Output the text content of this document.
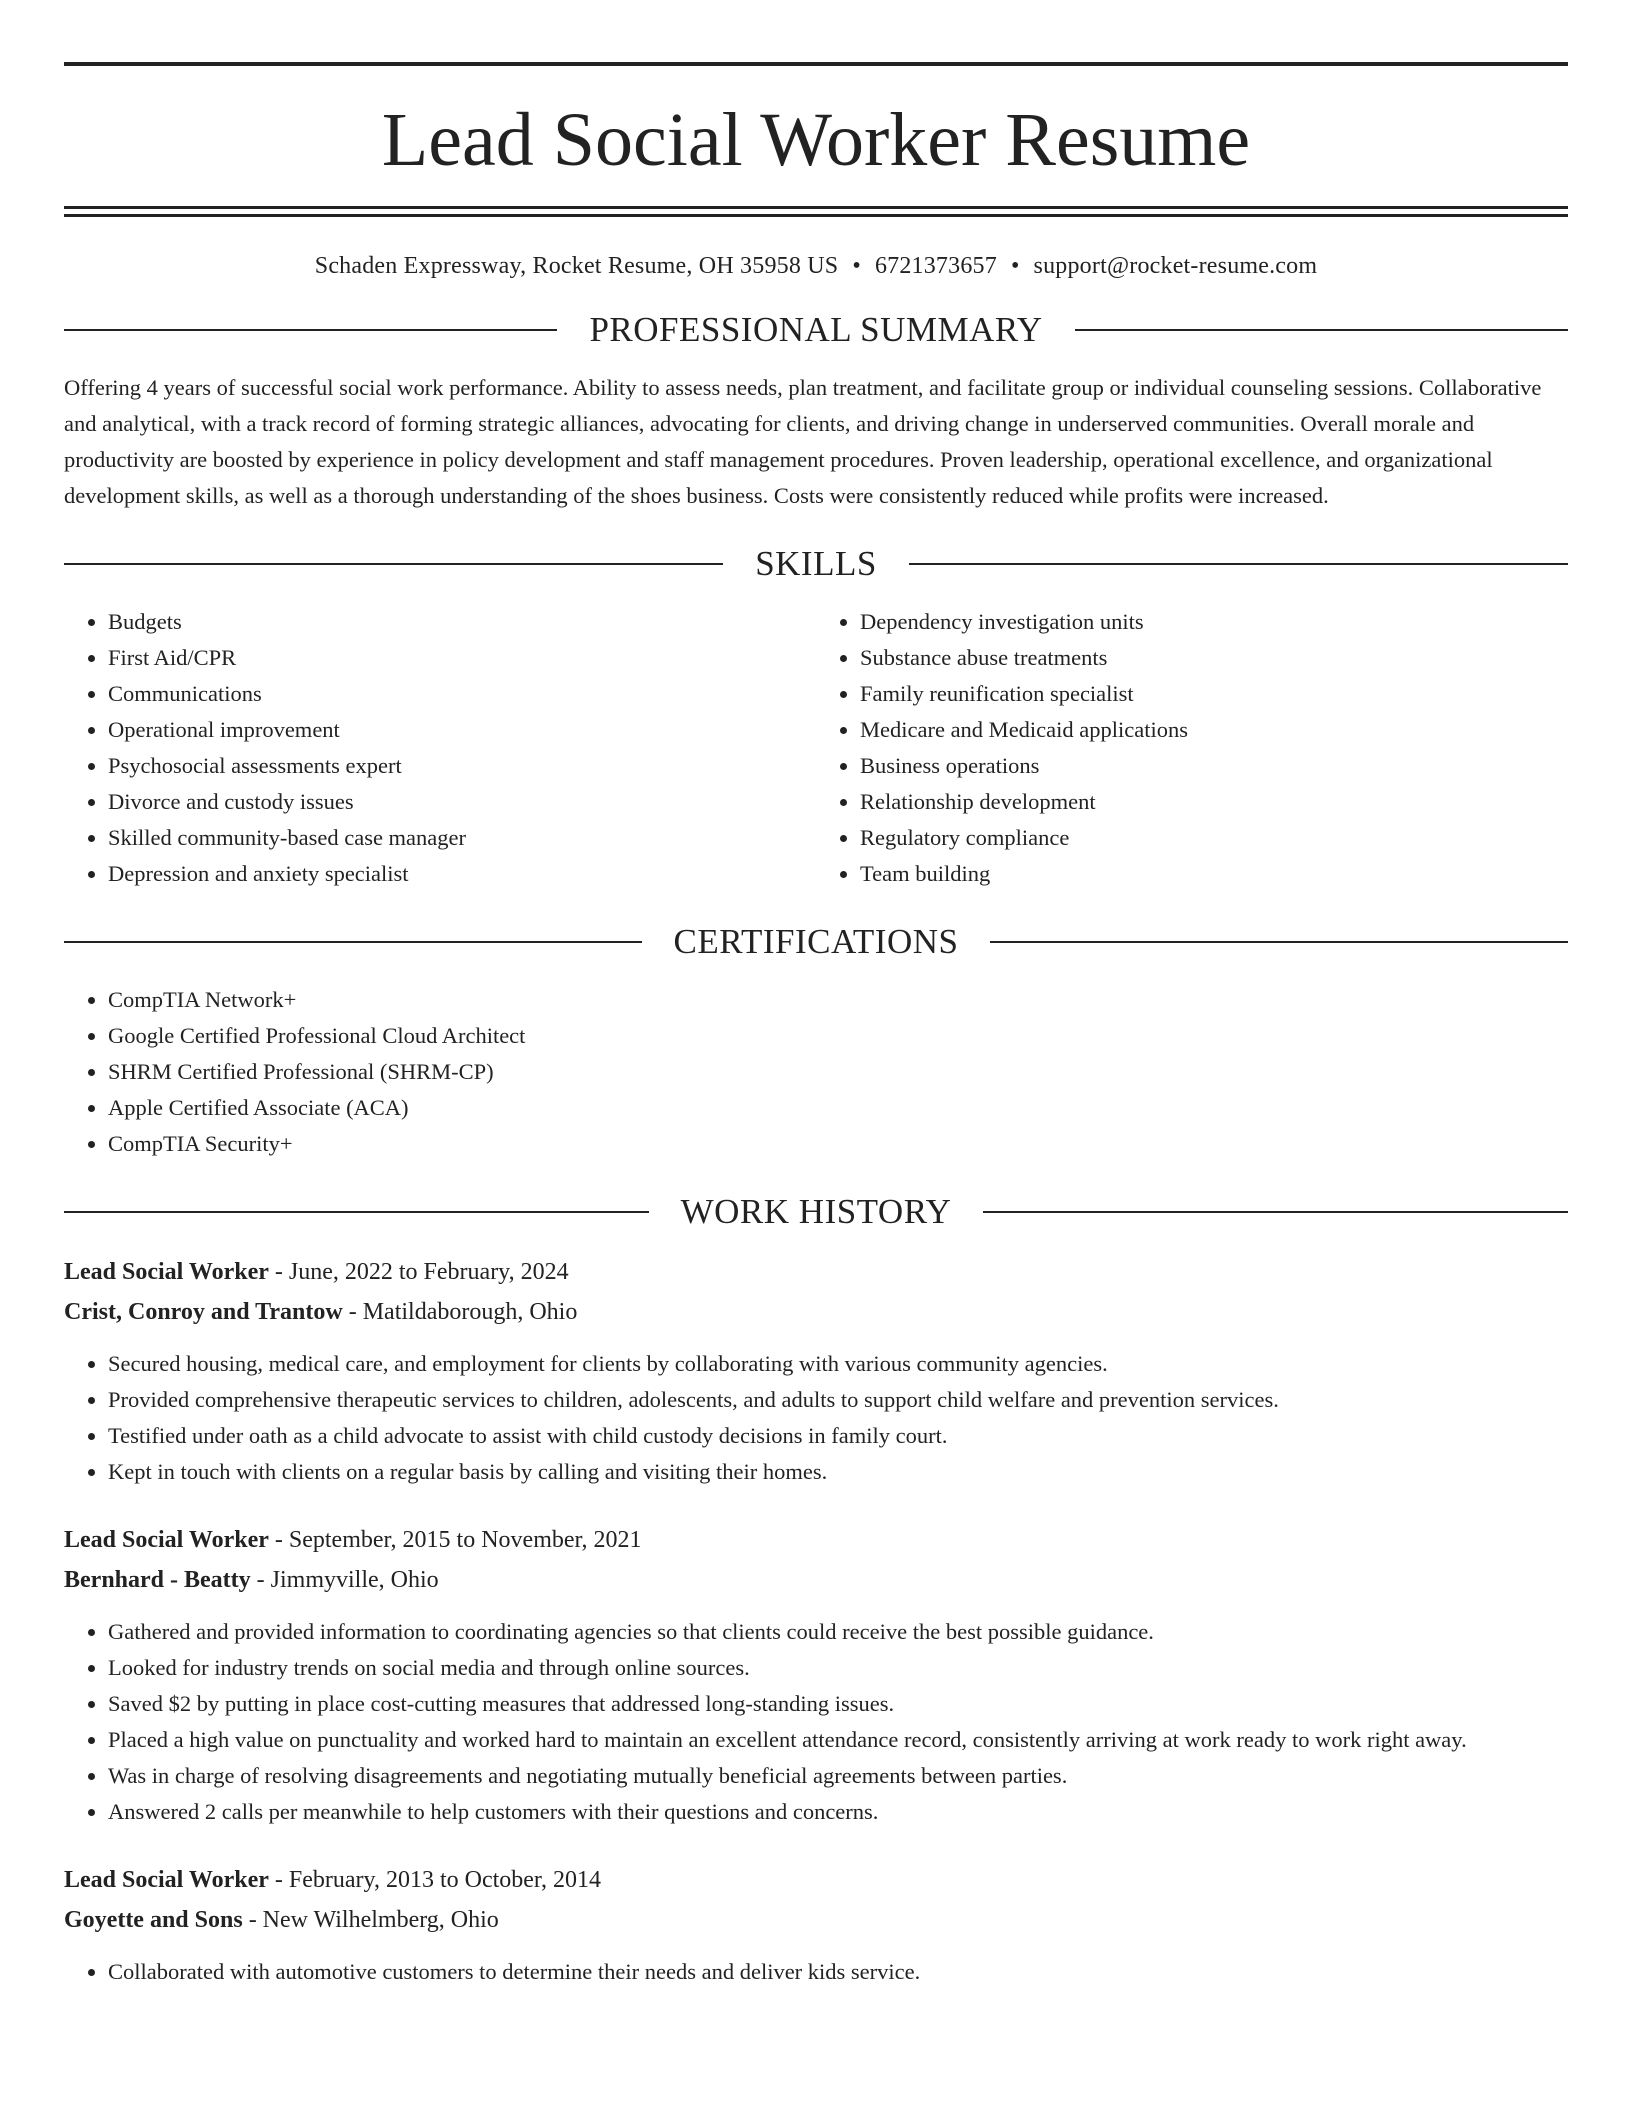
Lead Social Worker Resume
Schaden Expressway, Rocket Resume, OH 35958 US • 6721373657 • support@rocket-resume.com
PROFESSIONAL SUMMARY

Offering 4 years of successful social work performance. Ability to assess needs, plan treatment, and facilitate group or individual counseling sessions. Collaborative and analytical, with a track record of forming strategic alliances, advocating for clients, and driving change in underserved communities. Overall morale and productivity are boosted by experience in policy development and staff management procedures. Proven leadership, operational excellence, and organizational development skills, as well as a thorough understanding of the shoes business. Costs were consistently reduced while profits were increased.

SKILLS
• Budgets
• First Aid/CPR
• Communications
• Operational improvement
• Psychosocial assessments expert
• Divorce and custody issues
• Skilled community-based case manager
• Depression and anxiety specialist
• Dependency investigation units
• Substance abuse treatments
• Family reunification specialist
• Medicare and Medicaid applications
• Business operations
• Relationship development
• Regulatory compliance
• Team building
CERTIFICATIONS
• CompTIA Network+
• Google Certified Professional Cloud Architect
• SHRM Certified Professional (SHRM-CP)
• Apple Certified Associate (ACA)
• CompTIA Security+
WORK HISTORY
Lead Social Worker - June, 2022 to February, 2024
Crist, Conroy and Trantow - Matildaborough, Ohio
• Secured housing, medical care, and employment for clients by collaborating with various community agencies.
• Provided comprehensive therapeutic services to children, adolescents, and adults to support child welfare and prevention services.
• Testified under oath as a child advocate to assist with child custody decisions in family court.
• Kept in touch with clients on a regular basis by calling and visiting their homes.
Lead Social Worker - September, 2015 to November, 2021
Bernhard - Beatty - Jimmyville, Ohio
• Gathered and provided information to coordinating agencies so that clients could receive the best possible guidance.
• Looked for industry trends on social media and through online sources.
• Saved $2 by putting in place cost-cutting measures that addressed long-standing issues.
• Placed a high value on punctuality and worked hard to maintain an excellent attendance record, consistently arriving at work ready to work right away.
• Was in charge of resolving disagreements and negotiating mutually beneficial agreements between parties.
• Answered 2 calls per meanwhile to help customers with their questions and concerns.
Lead Social Worker - February, 2013 to October, 2014
Goyette and Sons - New Wilhelmberg, Ohio
• Collaborated with automotive customers to determine their needs and deliver kids service.
